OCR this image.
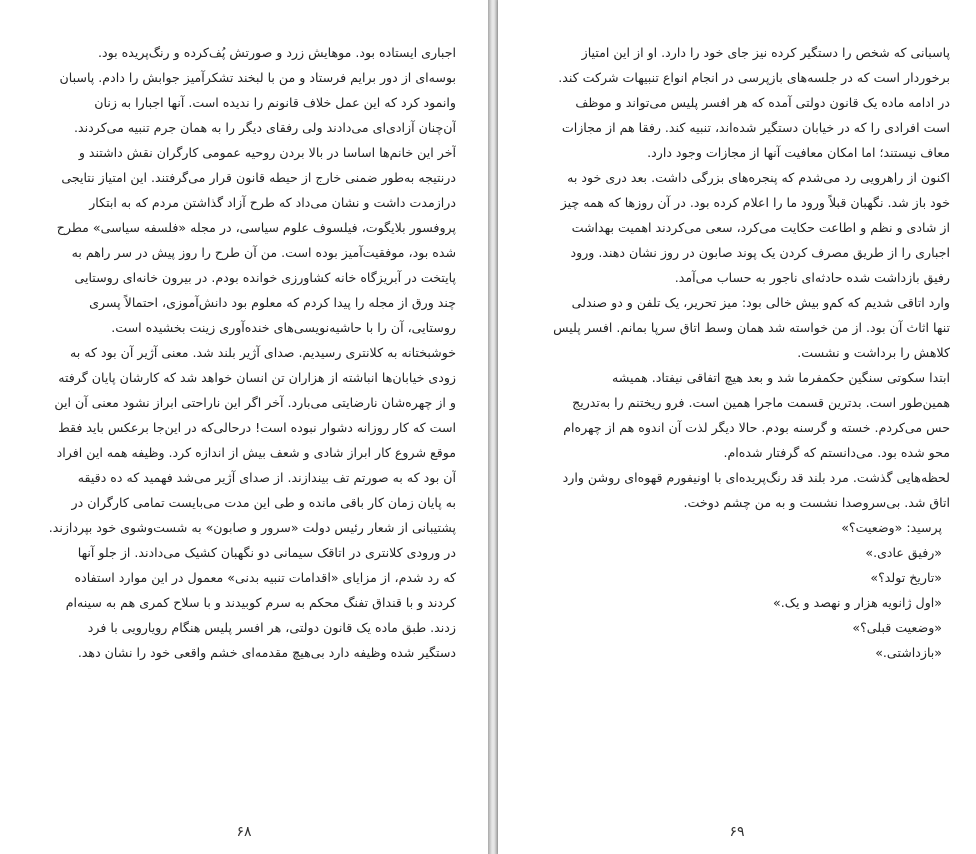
اجباری ایستاده بود. موهایش زرد و صورتش پُف‌کرده و رنگ‌پریده بود.
بوسه‌ای از دور برایم فرستاد و من با لبخند تشکرآمیز جوابش را دادم. پاسبان
وانمود کرد که این عمل خلاف قانونم را ندیده است. آنها اجبارا به زنان
آن‌چنان آزادی‌ای می‌دادند ولی رفقای دیگر را به همان جرم تنبیه می‌کردند.
آخر این خانم‌ها اساسا در بالا بردن روحیه عمومی کارگران نقش داشتند و
درنتیجه به‌طور ضمنی خارج از حیطه قانون قرار می‌گرفتند. این امتیاز نتایجی
درازمدت داشت و نشان می‌داد که طرح آزاد گذاشتن مردم که به ابتکار
پروفسور بلایگوت، فیلسوف علوم سیاسی، در مجله «فلسفه سیاسی» مطرح
شده بود، موفقیت‌آمیز بوده است. من آن طرح را روز پیش در سر راهم به
پایتخت در آبریزگاه خانه کشاورزی خوانده بودم. در بیرون خانه‌ای روستایی
چند ورق از مجله را پیدا کردم که معلوم بود دانش‌آموزی، احتمالاً پسری
روستایی، آن را با حاشیه‌نویسی‌های خنده‌آوری زینت بخشیده است.
خوشبختانه به کلانتری رسیدیم. صدای آژیر بلند شد. معنی آژیر آن بود که به
زودی خیابان‌ها انباشته از هزاران تن انسان خواهد شد که کارشان پایان گرفته
و از چهره‌شان نارضایتی می‌بارد. آخر اگر این ناراحتی ابراز نشود معنی آن این
است که کار روزانه دشوار نبوده است! درحالی‌که در این‌جا برعکس باید فقط
موقع شروع کار ابراز شادی و شعف بیش از اندازه کرد. وظیفه همه این افراد
آن بود که به صورتم تف بیندازند. از صدای آژیر می‌شد فهمید که ده دقیقه
به پایان زمان کار باقی مانده و طی این مدت می‌بایست تمامی کارگران در
پشتیبانی از شعار رئیس دولت «سرور و صابون» به شست‌وشوی خود بپردازند.
در ورودی کلانتری در اتاقک سیمانی دو نگهبان کشیک می‌دادند. از جلو آنها
که رد شدم، از مزایای «اقدامات تنبیه بدنی» معمول در این موارد استفاده
کردند و با قنداق تفنگ محکم به سرم کوبیدند و با سلاح کمری هم به سینه‌ام
زدند. طبق ماده یک قانون دولتی، هر افسر پلیس هنگام رویارویی با فرد
دستگیر شده وظیفه دارد بی‌هیچ مقدمه‌ای خشم واقعی خود را نشان دهد.
۶۸
پاسبانی که شخص را دستگیر کرده نیز جای خود را دارد. او از این امتیاز
برخوردار است که در جلسه‌های بازپرسی در انجام انواع تنبیهات شرکت کند.
در ادامه ماده یک قانون دولتی آمده که هر افسر پلیس می‌تواند و موظف
است افرادی را که در خیابان دستگیر شده‌اند، تنبیه کند. رفقا هم از مجازات
معاف نیستند؛ اما امکان معافیت آنها از مجازات وجود دارد.
اکنون از راهرویی رد می‌شدم که پنجره‌های بزرگی داشت. بعد دری خود به
خود باز شد. نگهبان قبلاً ورود ما را اعلام کرده بود. در آن روزها که همه چیز
از شادی و نظم و اطاعت حکایت می‌کرد، سعی می‌کردند اهمیت بهداشت
اجباری را از طریق مصرف کردن یک پوند صابون در روز نشان دهند. ورود
رفیق بازداشت شده حادثه‌ای ناجور به حساب می‌آمد.
وارد اتاقی شدیم که کم‌و بیش خالی بود: میز تحریر، یک تلفن و دو صندلی
تنها اثاث آن بود. از من خواسته شد همان وسط اتاق سرپا بمانم. افسر پلیس
کلاهش را برداشت و نشست.
ابتدا سکوتی سنگین حکمفرما شد و بعد هیچ اتفاقی نیفتاد. همیشه
همین‌طور است. بدترین قسمت ماجرا همین است. فرو ریختنم را به‌تدریج
حس می‌کردم. خسته و گرسنه بودم. حالا دیگر لذت آن اندوه هم از چهره‌ام
محو شده بود. می‌دانستم که گرفتار شده‌ام.
لحظه‌هایی گذشت. مرد بلند قد رنگ‌پریده‌ای با اونیفورم قهوه‌ای روشن وارد
اتاق شد. بی‌سروصدا نشست و به من چشم دوخت.
پرسید: «وضعیت؟»
«رفیق عادی.»
«تاریخ تولد؟»
«اول ژانویه هزار و نهصد و یک.»
«وضعیت قبلی؟»
«بازداشتی.»
۶۹
